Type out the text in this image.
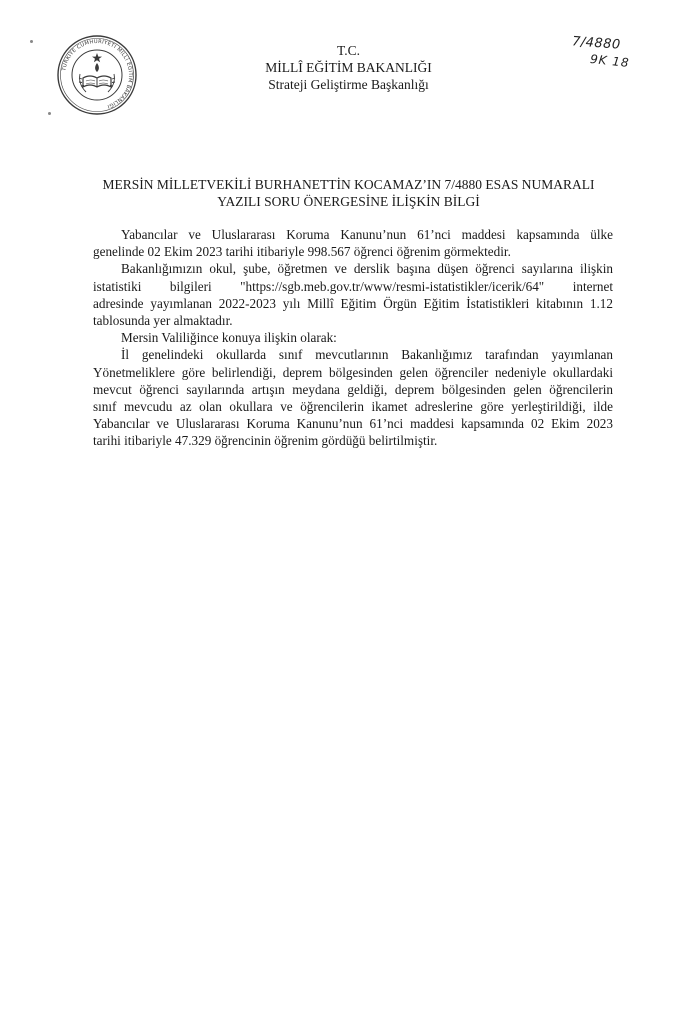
TÜRKİYE CUMHURİYETİ MİLLÎ EĞİTİM BAKANLIĞI
T.C.
MİLLÎ EĞİTİM BAKANLIĞI
Strateji Geliştirme Başkanlığı
7/4880
9K 18
MERSİN MİLLETVEKİLİ BURHANETTİN KOCAMAZ’IN 7/4880 ESAS NUMARALI
YAZILI SORU ÖNERGESİNE İLİŞKİN BİLGİ
Yabancılar ve Uluslararası Koruma Kanunu’nun 61’nci maddesi kapsamında ülke
genelinde 02 Ekim 2023 tarihi itibariyle 998.567 öğrenci öğrenim görmektedir.
Bakanlığımızın okul, şube, öğretmen ve derslik başına düşen öğrenci sayılarına ilişkin
istatistiki bilgileri "https://sgb.meb.gov.tr/www/resmi-istatistikler/icerik/64" internet
adresinde yayımlanan 2022-2023 yılı Millî Eğitim Örgün Eğitim İstatistikleri kitabının 1.12
tablosunda yer almaktadır.
Mersin Valiliğince konuya ilişkin olarak:
İl genelindeki okullarda sınıf mevcutlarının Bakanlığımız tarafından yayımlanan
Yönetmeliklere göre belirlendiği, deprem bölgesinden gelen öğrenciler nedeniyle okullardaki
mevcut öğrenci sayılarında artışın meydana geldiği, deprem bölgesinden gelen öğrencilerin
sınıf mevcudu az olan okullara ve öğrencilerin ikamet adreslerine göre yerleştirildiği, ilde
Yabancılar ve Uluslararası Koruma Kanunu’nun 61’nci maddesi kapsamında 02 Ekim 2023
tarihi itibariyle 47.329 öğrencinin öğrenim gördüğü belirtilmiştir.
